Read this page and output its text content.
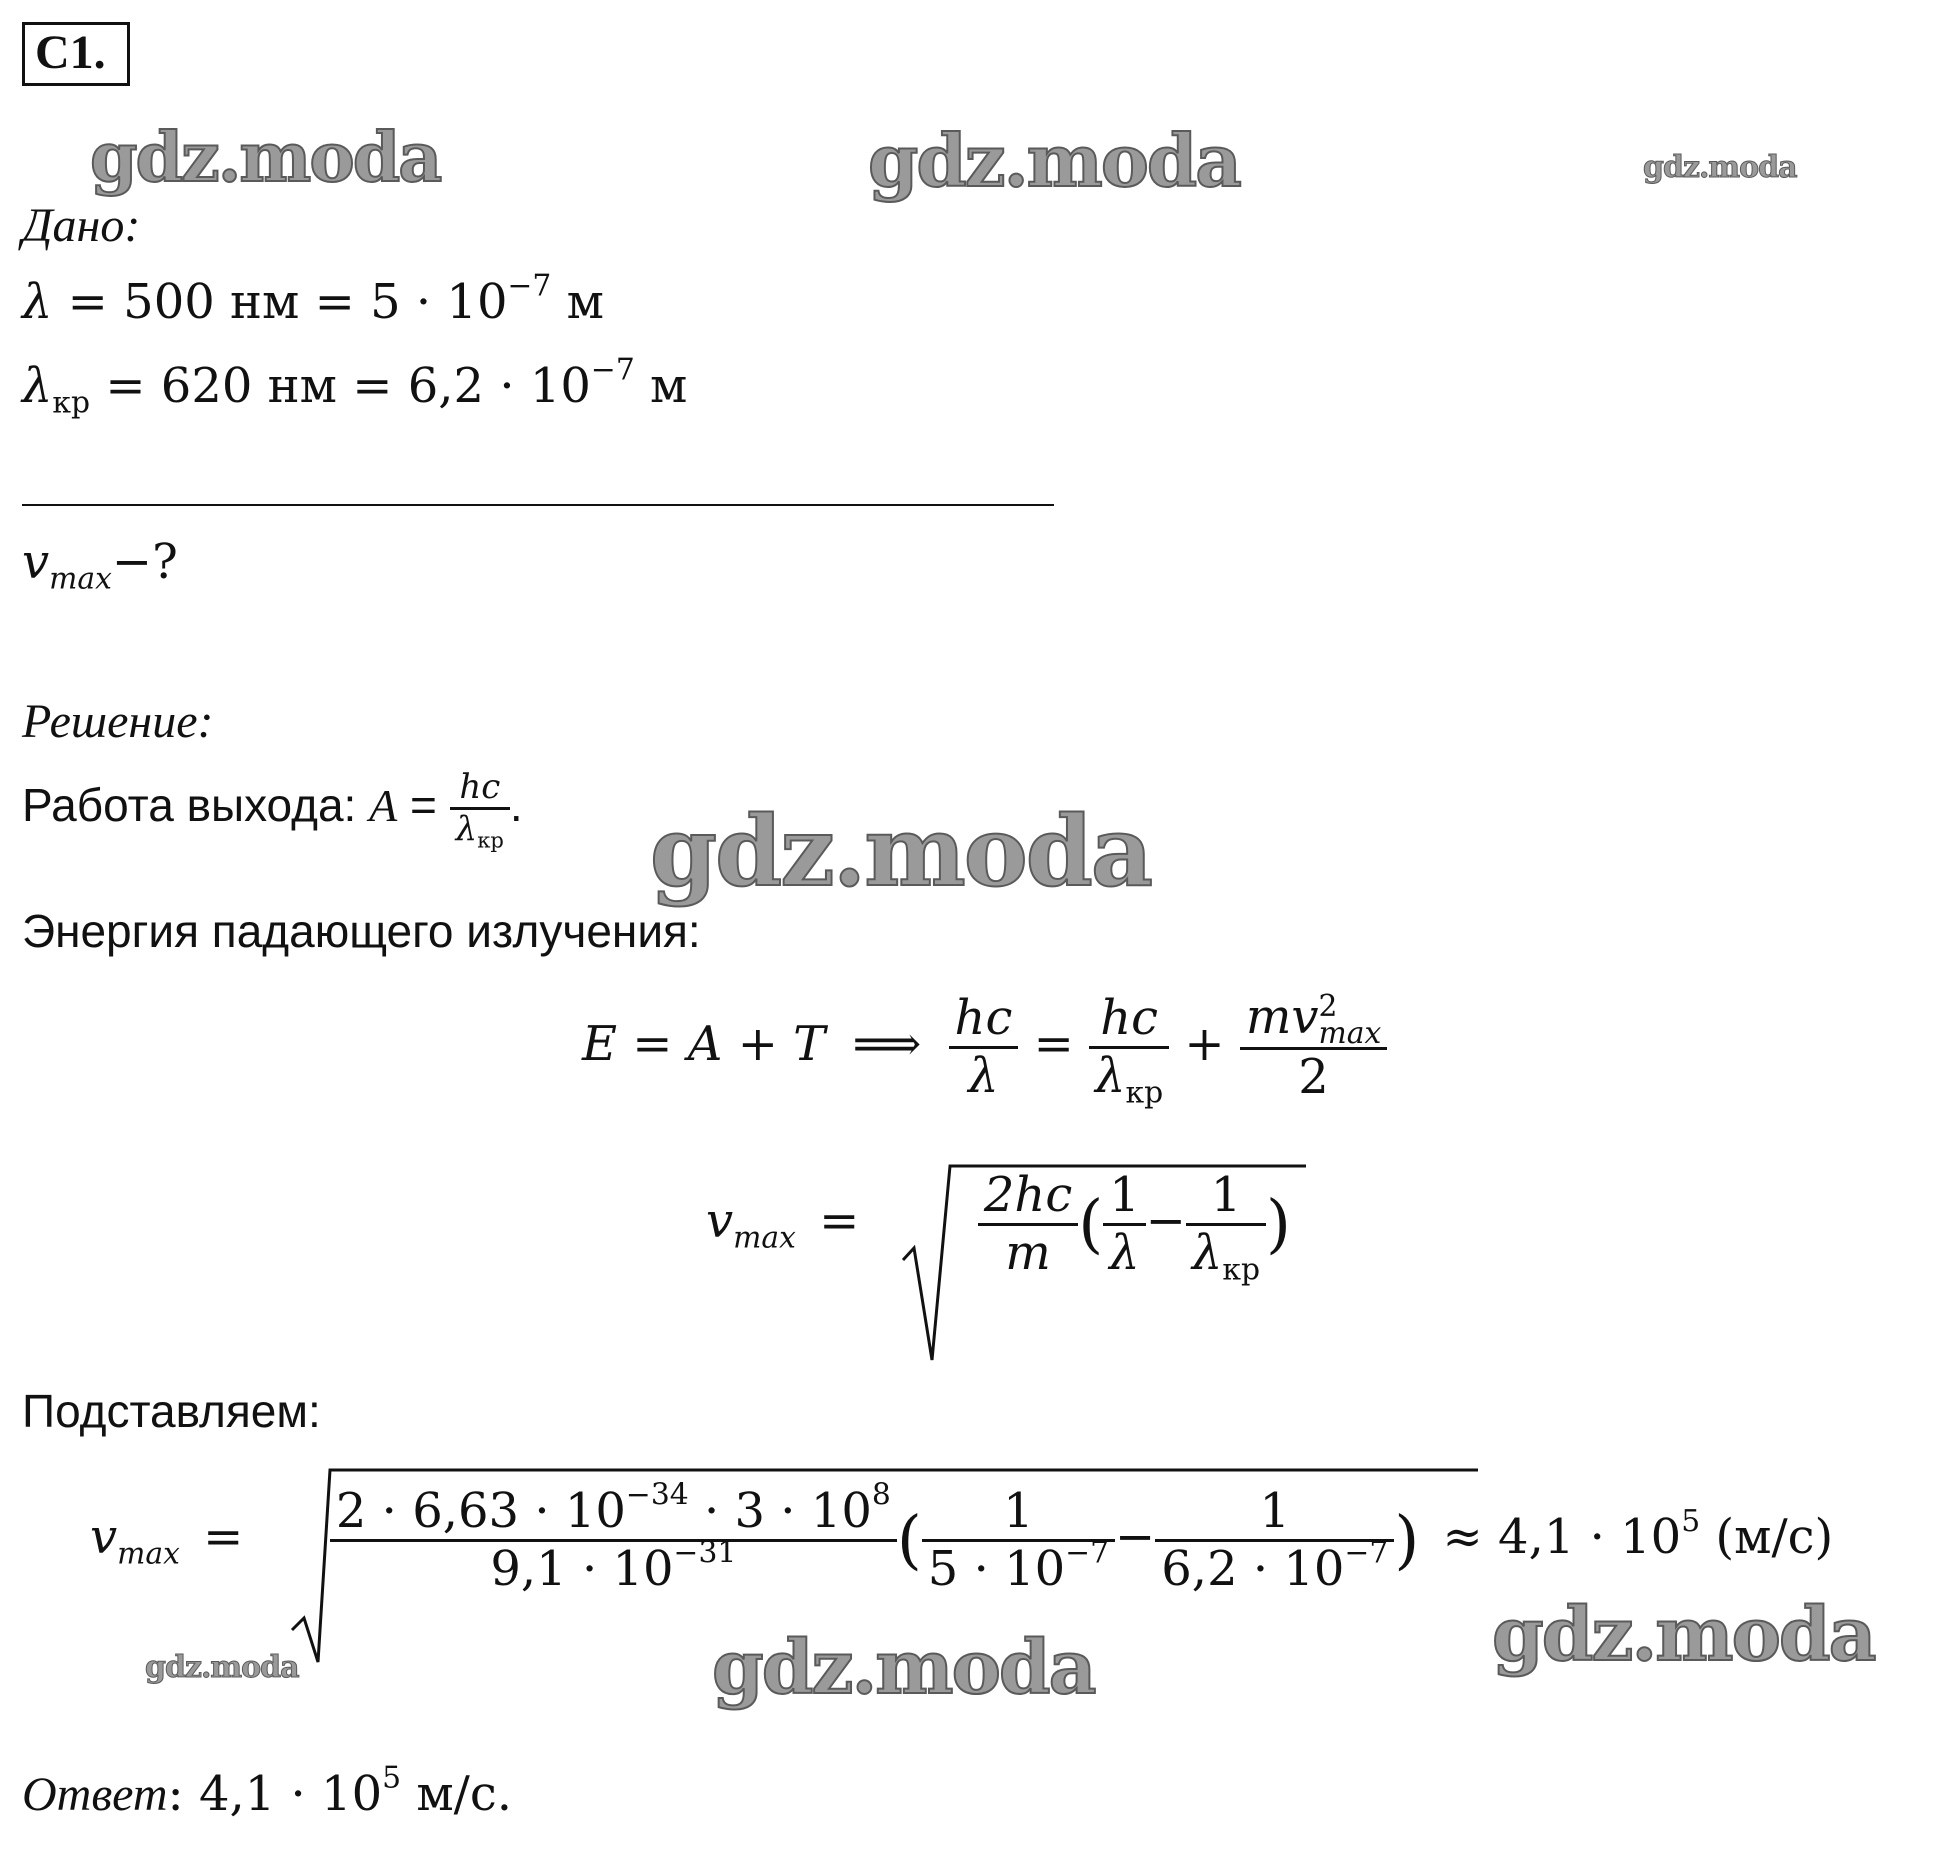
С1.
gdz.moda	gdz.moda	gdz.moda
gdz.moda
gdz.moda	gdz.moda	gdz.moda
Дано:
λ = 500 нм = $5 \cdot 10^{-7}$ м
$\lambda_{кр} = 620$ нм = $6,2 \cdot 10^{-7}$ м
$v_{max}-$?
Решение:
Работа выхода: $A = \frac{hc}{\lambda_{кр}}$ .
Энергия падающего излучения:
E = A + T ⟹ $\frac{hc}{\lambda} = \frac{hc}{\lambda_{кр}}$ + mv 2
max
2
$v_{max} = \frac{2hc}{m}$ ( $\frac{1}{\lambda} - \frac{1}{\lambda_{кр}}$ )
Подставляем:
$v_{max} = \frac{2 \cdot 6,63 \cdot 10^{-34} \cdot 3 \cdot 10^8}{9,1 \cdot 10^{-31}}$ ( $\frac{1}{5 \cdot 10^{-7}} - \frac{1}{6,2 \cdot 10^{-7}}$ ) ≈ $4,1 \cdot 10^5$ (м/с)
Ответ: $4,1 \cdot 10^5$ м/с.
